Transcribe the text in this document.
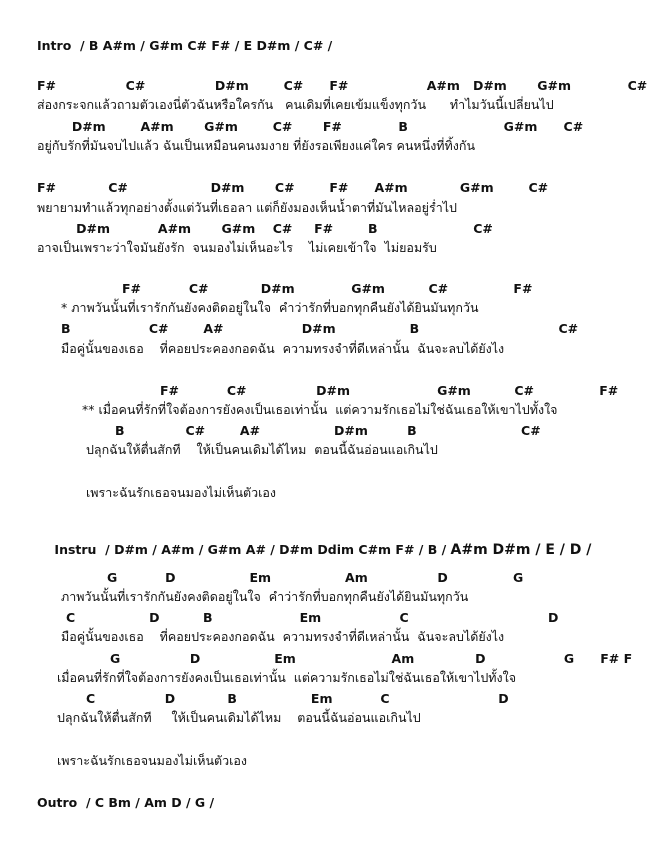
Intro  / B A#m / G#m C# F# / E D#m / C# /
F#                C#                D#m        C#      F#                  A#m   D#m       G#m             C#
ส่องกระจกแล้วถามตัวเองนี่ตัวฉันหรือใครกัน   คนเดิมที่เคยเข้มแข็งทุกวัน      ทำไมวันนี้เปลี่ยนไป
D#m        A#m       G#m        C#       F#             B                      G#m      C#
อยู่กับรักที่มันจบไปแล้ว ฉันเป็นเหมือนคนงมงาย ที่ยังรอเพียงแค่ใคร คนหนึ่งที่ทิ้งกัน
F#            C#                   D#m       C#        F#      A#m            G#m        C#
พยายามทำแล้วทุกอย่างตั้งแต่วันที่เธอลา แต่ก็ยังมองเห็นน้ำตาที่มันไหลอยู่ร่ำไป
D#m           A#m       G#m    C#     F#        B                      C#
อาจเป็นเพราะว่าใจมันยังรัก  จนมองไม่เห็นอะไร    ไม่เคยเข้าใจ  ไม่ยอมรับ
F#           C#            D#m             G#m          C#               F#
* ภาพวันนั้นที่เรารักกันยังคงติดอยู่ในใจ  คำว่ารักที่บอกทุกคืนยังได้ยินมันทุกวัน
B                  C#        A#                  D#m                 B                                C#
มือคู่นั้นของเธอ    ที่คอยประคองกอดฉัน  ความทรงจำที่ดีเหล่านั้น  ฉันจะลบได้ยังไง
F#           C#                D#m                    G#m          C#               F#
** เมื่อคนที่รักที่ใจต้องการยังคงเป็นเธอเท่านั้น  แต่ความรักเธอไม่ใช่ฉันเธอให้เขาไปทั้งใจ
B              C#        A#                 D#m         B                        C#
ปลุกฉันให้ตื่นสักที    ให้เป็นคนเดิมได้ไหม  ตอนนี้ฉันอ่อนแอเกินไป
เพราะฉันรักเธอจนมองไม่เห็นตัวเอง

Instru  / D#m / A#m / G#m A# / D#m Ddim C#m F# / B / A#m D#m / E / D /

G           D                 Em                 Am                D               G
ภาพวันนั้นที่เรารักกันยังคงติดอยู่ในใจ  คำว่ารักที่บอกทุกคืนยังได้ยินมันทุกวัน
C                 D          B                    Em                  C                                D
มือคู่นั้นของเธอ    ที่คอยประคองกอดฉัน  ความทรงจำที่ดีเหล่านั้น  ฉันจะลบได้ยังไง
G                D                 Em                      Am              D                  G      F# F
เมื่อคนที่รักที่ใจต้องการยังคงเป็นเธอเท่านั้น  แต่ความรักเธอไม่ใช่ฉันเธอให้เขาไปทั้งใจ
C                D            B                 Em           C                         D
ปลุกฉันให้ตื่นสักที     ให้เป็นคนเดิมได้ไหม    ตอนนี้ฉันอ่อนแอเกินไป
เพราะฉันรักเธอจนมองไม่เห็นตัวเอง
Outro  / C Bm / Am D / G /
